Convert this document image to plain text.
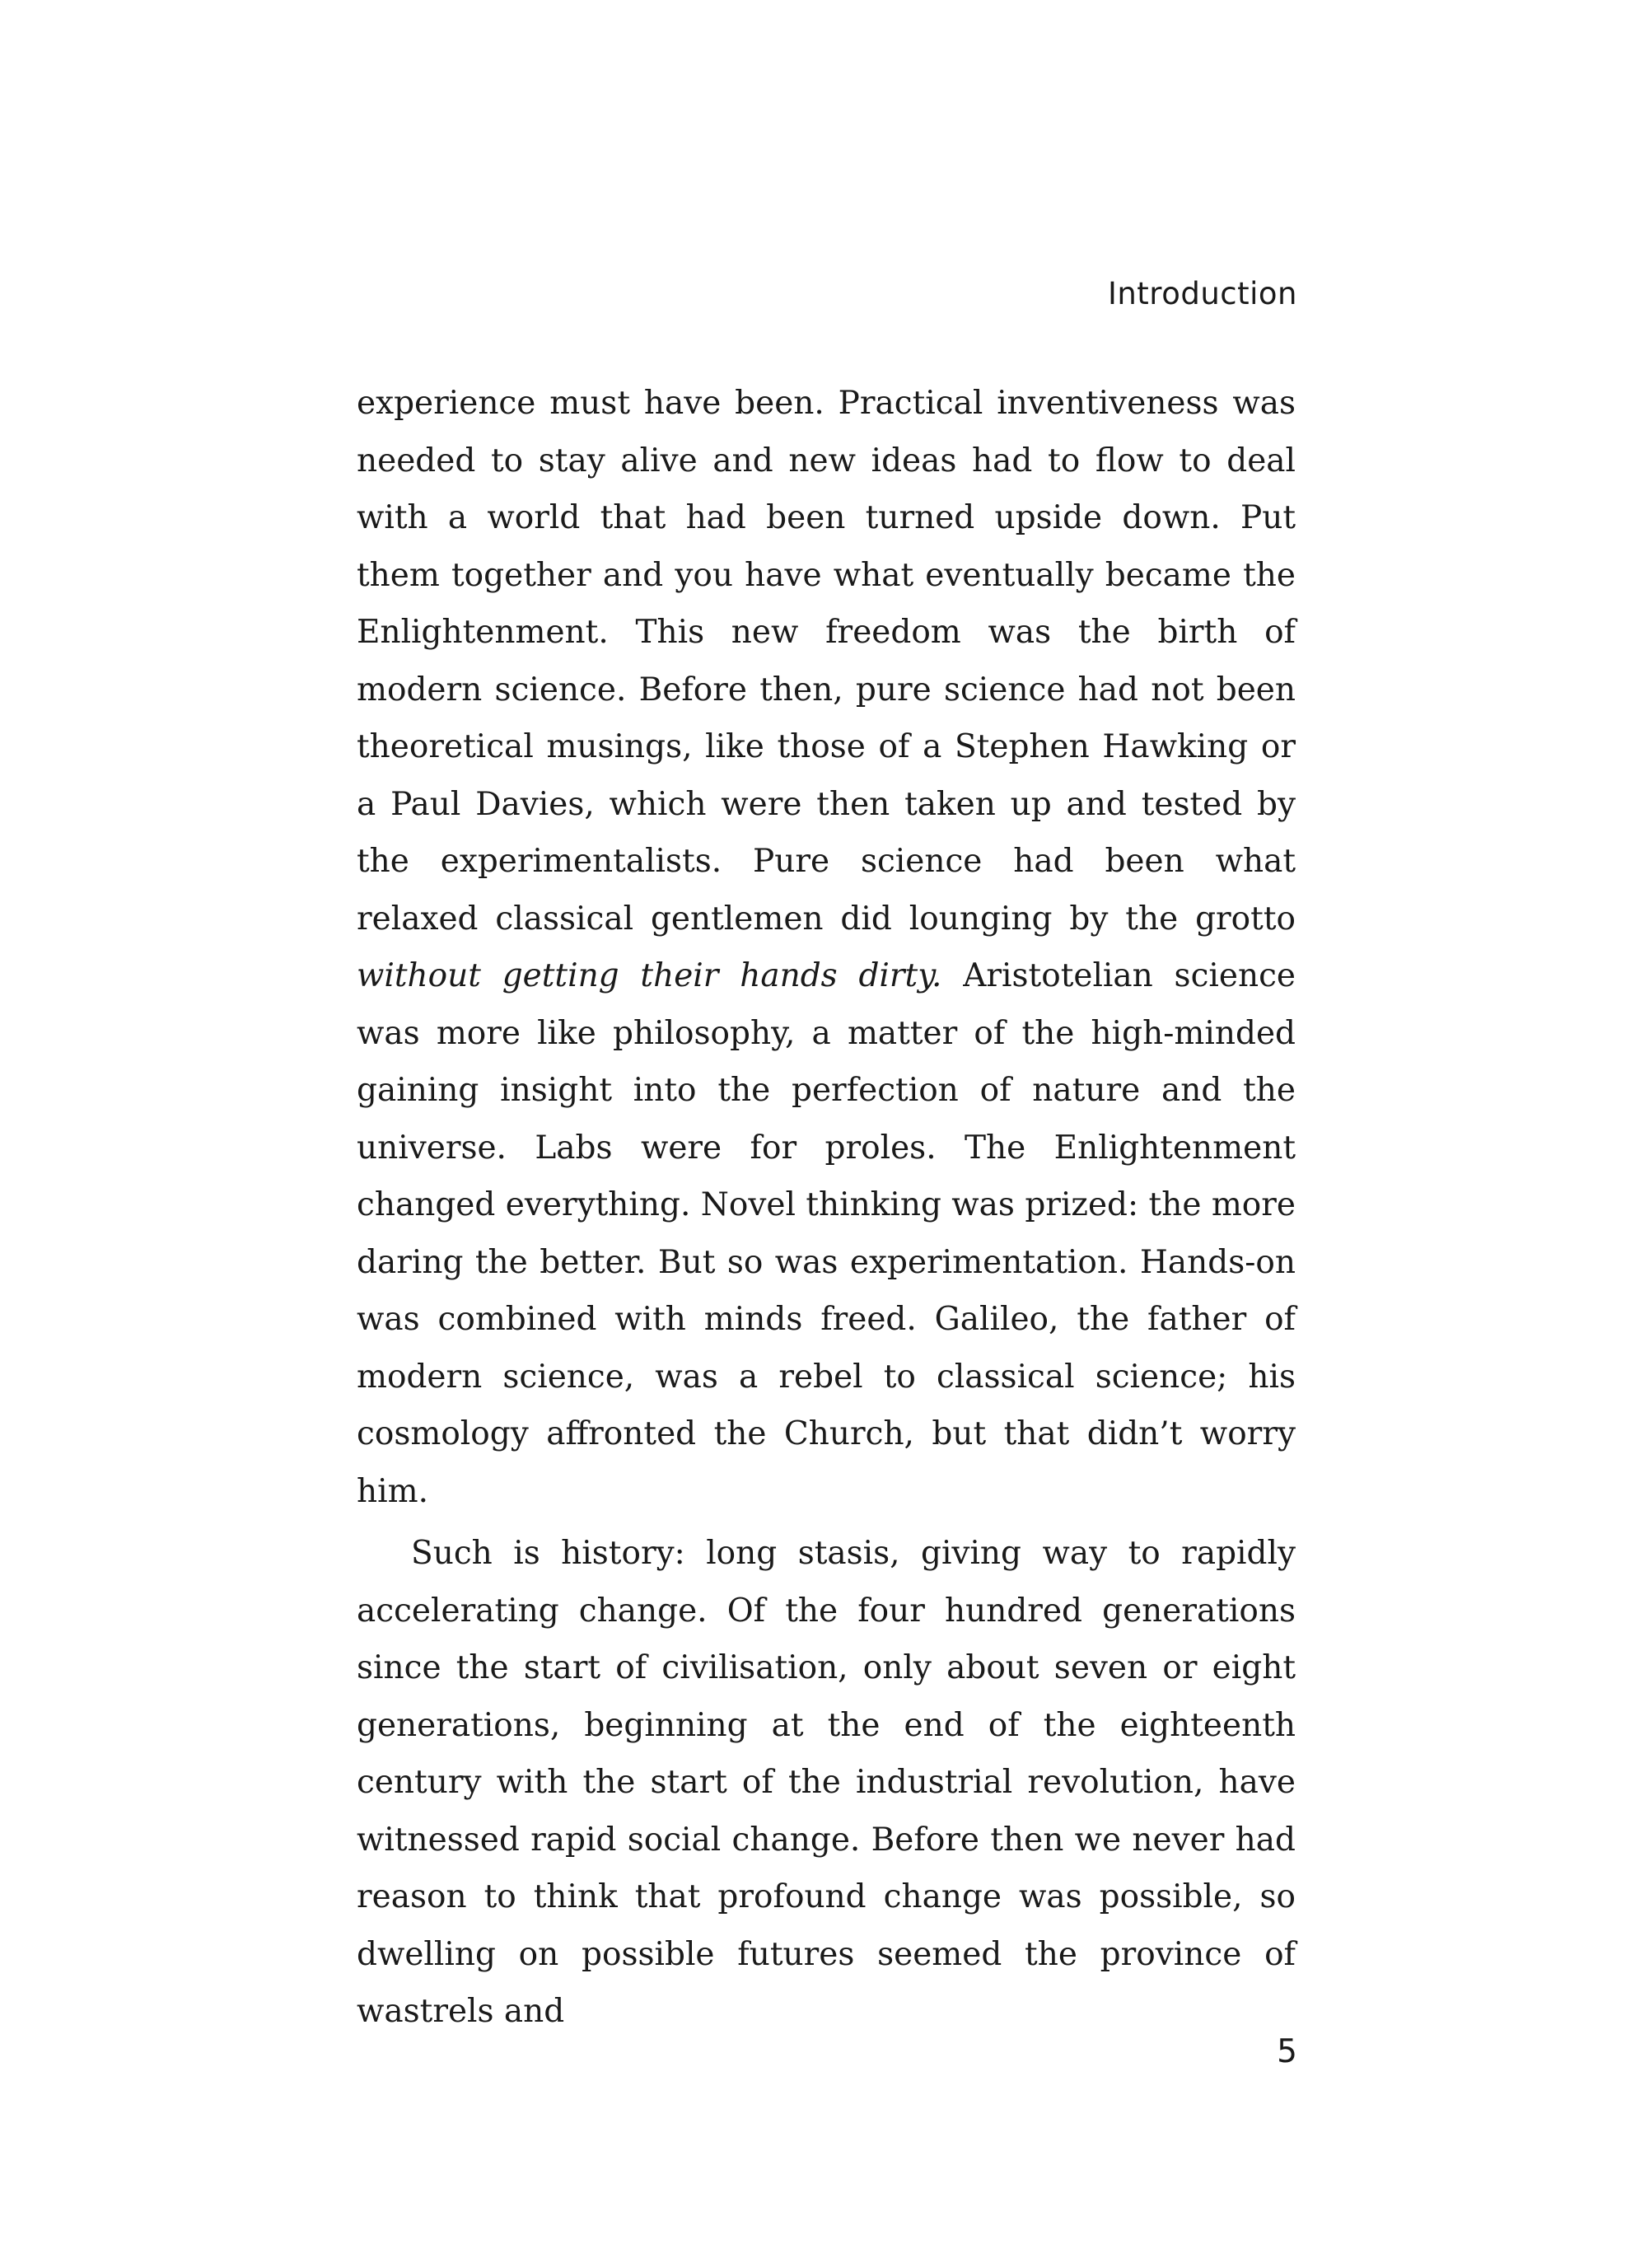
Introduction

experience must have been. Practical inventiveness was needed to stay alive and new ideas had to flow to deal with a world that had been turned upside down. Put them together and you have what eventually became the Enlightenment. This new freedom was the birth of modern science. Before then, pure science had not been theoretical musings, like those of a Stephen Hawking or a Paul Davies, which were then taken up and tested by the experimentalists. Pure science had been what relaxed classical gentlemen did lounging by the grotto without getting their hands dirty. Aristotelian science was more like philosophy, a matter of the high-minded gaining insight into the perfection of nature and the universe. Labs were for proles. The Enlightenment changed everything. Novel thinking was prized: the more daring the better. But so was experimentation. Hands-on was combined with minds freed. Galileo, the father of modern science, was a rebel to classical science; his cosmology affronted the Church, but that didn’t worry him.

Such is history: long stasis, giving way to rapidly accelerating change. Of the four hundred generations since the start of civilisation, only about seven or eight generations, beginning at the end of the eighteenth century with the start of the industrial revolution, have witnessed rapid social change. Before then we never had reason to think that profound change was possible, so dwelling on possible futures seemed the province of wastrels and

5
